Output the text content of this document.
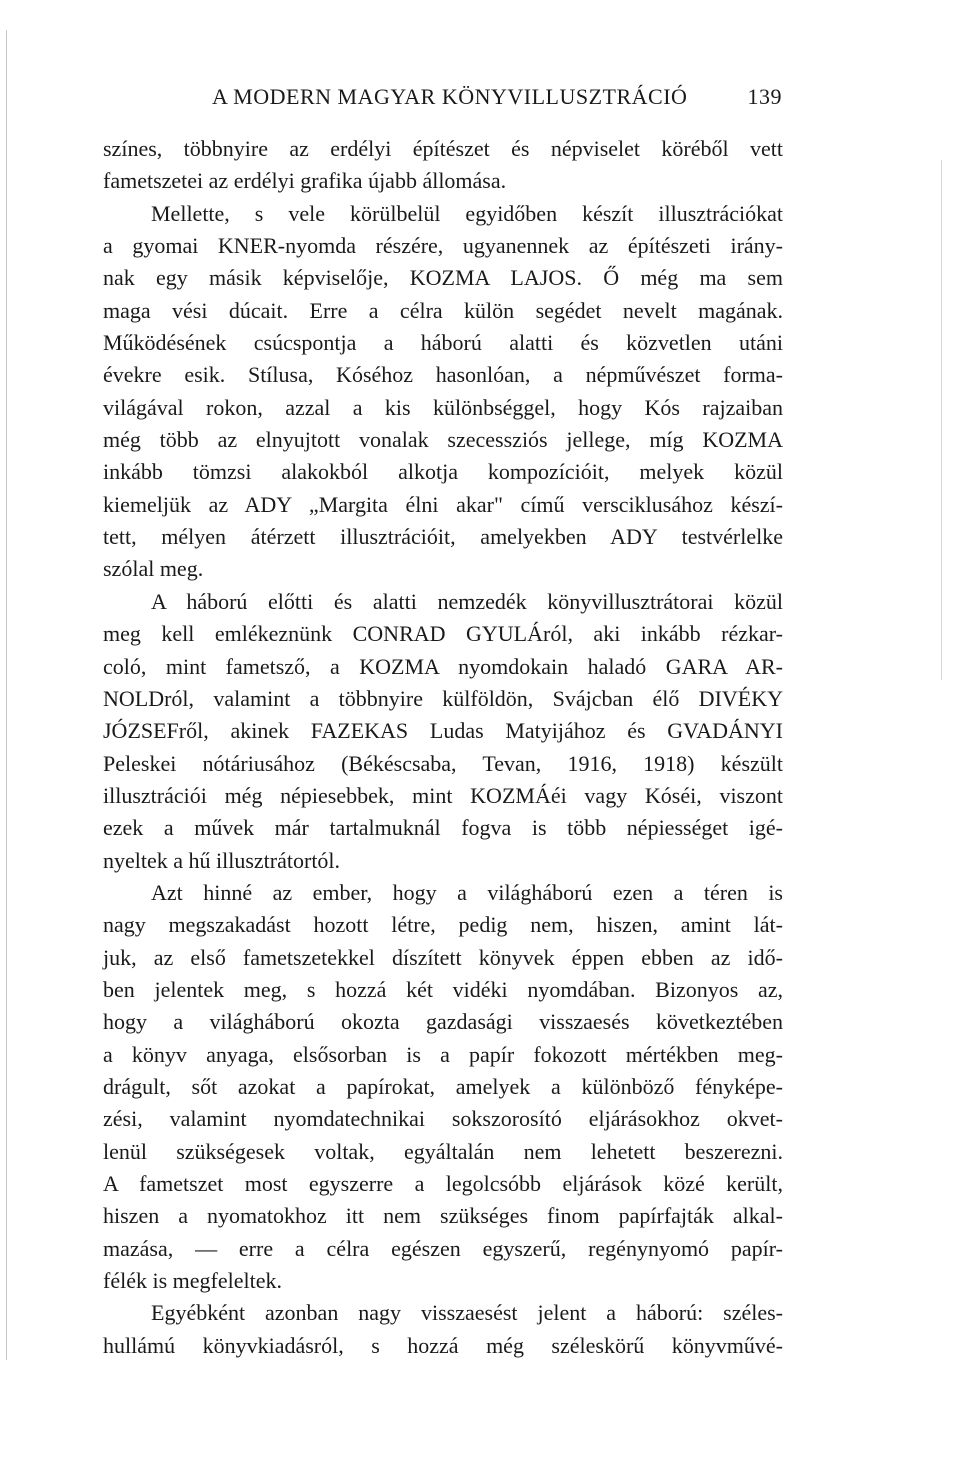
A MODERN MAGYAR KÖNYVILLUSZTRÁCIÓ	139
színes, többnyire az erdélyi építészet és népviselet köréből vett
fametszetei az erdélyi grafika újabb állomása.
Mellette, s vele körülbelül egyidőben készít illusztrációkat
a gyomai KNER-nyomda részére, ugyanennek az építészeti irány-
nak egy másik képviselője, KOZMA LAJOS. Ő még ma sem
maga vési dúcait. Erre a célra külön segédet nevelt magának.
Működésének csúcspontja a háború alatti és közvetlen utáni
évekre esik. Stílusa, Kóséhoz hasonlóan, a népművészet forma-
világával rokon, azzal a kis különbséggel, hogy Kós rajzaiban
még több az elnyujtott vonalak szecessziós jellege, míg KOZMA
inkább tömzsi alakokból alkotja kompozícióit, melyek közül
kiemeljük az ADY „Margita élni akar" című versciklusához készí-
tett, mélyen átérzett illusztrációit, amelyekben ADY testvérlelke
szólal meg.
A háború előtti és alatti nemzedék könyvillusztrátorai közül
meg kell emlékeznünk CONRAD GYULÁról, aki inkább rézkar-
coló, mint fametsző, a KOZMA nyomdokain haladó GARA AR-
NOLDról, valamint a többnyire külföldön, Svájcban élő DIVÉKY
JÓZSEFről, akinek FAZEKAS Ludas Matyijához és GVADÁNYI
Peleskei nótáriusához (Békéscsaba, Tevan, 1916, 1918) készült
illusztrációi még népiesebbek, mint KOZMÁéi vagy Kóséi, viszont
ezek a művek már tartalmuknál fogva is több népiességet igé-
nyeltek a hű illusztrátortól.
Azt hinné az ember, hogy a világháború ezen a téren is
nagy megszakadást hozott létre, pedig nem, hiszen, amint lát-
juk, az első fametszetekkel díszített könyvek éppen ebben az idő-
ben jelentek meg, s hozzá két vidéki nyomdában. Bizonyos az,
hogy a világháború okozta gazdasági visszaesés következtében
a könyv anyaga, elsősorban is a papír fokozott mértékben meg-
drágult, sőt azokat a papírokat, amelyek a különböző fényképe-
zési, valamint nyomdatechnikai sokszorosító eljárásokhoz okvet-
lenül szükségesek voltak, egyáltalán nem lehetett beszerezni.
A fametszet most egyszerre a legolcsóbb eljárások közé került,
hiszen a nyomatokhoz itt nem szükséges finom papírfajták alkal-
mazása, — erre a célra egészen egyszerű, regénynyomó papír-
félék is megfeleltek.
Egyébként azonban nagy visszaesést jelent a háború: széles-
hullámú könyvkiadásról, s hozzá még széleskörű könyvművé-
